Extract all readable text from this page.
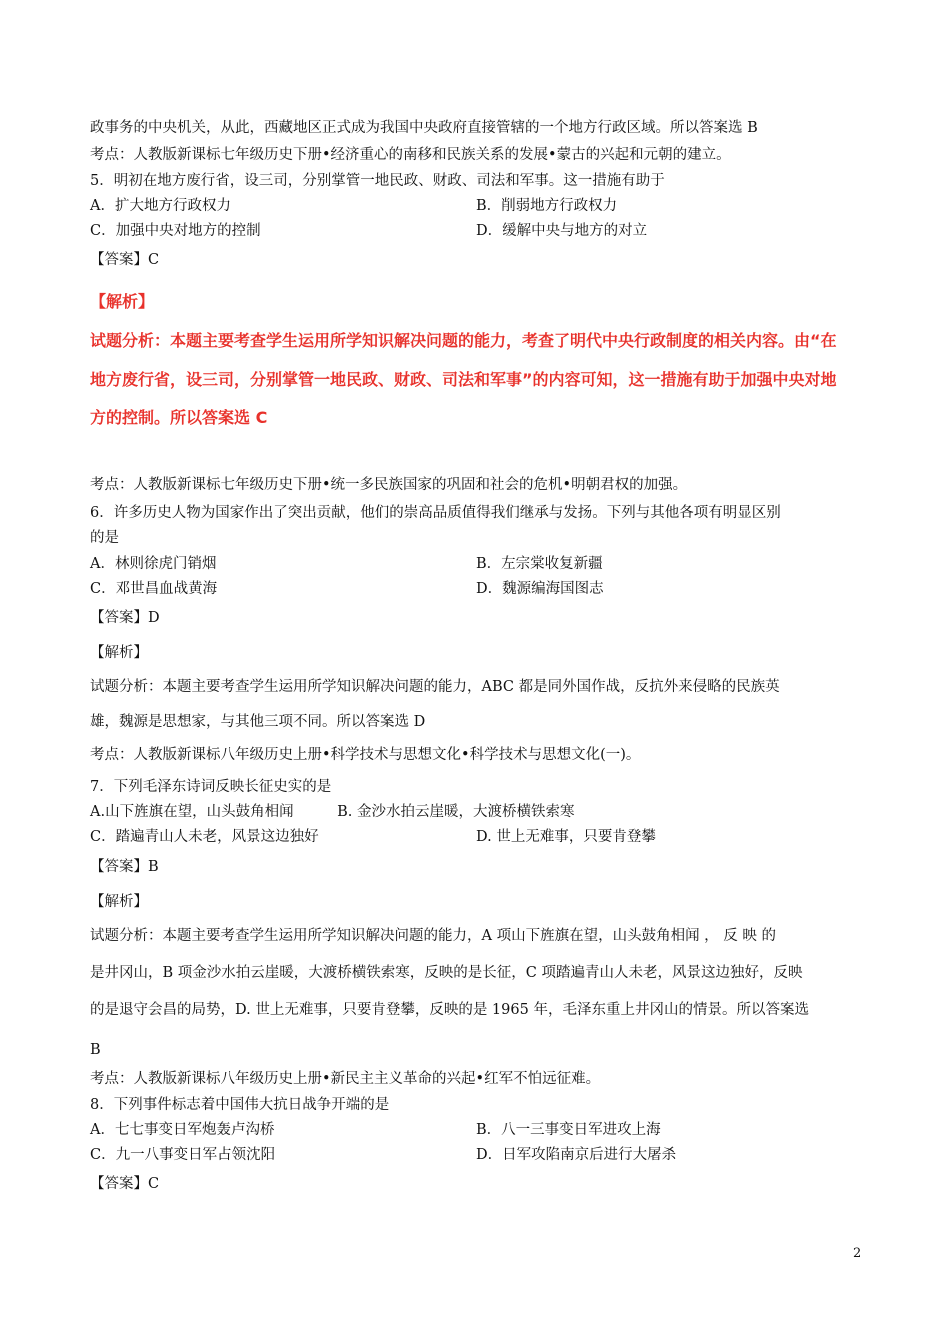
政事务的中央机关，从此，西藏地区正式成为我国中央政府直接管辖的一个地方行政区域。所以答案选 B
考点：人教版新课标七年级历史下册•经济重心的南移和民族关系的发展•蒙古的兴起和元朝的建立。
5．明初在地方废行省，设三司，分别掌管一地民政、财政、司法和军事。这一措施有助于
A．扩大地方行政权力	B．削弱地方行政权力
C．加强中央对地方的控制	D．缓解中央与地方的对立
【答案】C
【解析】
试题分析：本题主要考查学生运用所学知识解决问题的能力，考查了明代中央行政制度的相关内容。由“在
地方废行省，设三司，分别掌管一地民政、财政、司法和军事”的内容可知，这一措施有助于加强中央对地
方的控制。所以答案选 C
考点：人教版新课标七年级历史下册•统一多民族国家的巩固和社会的危机•明朝君权的加强。
6．许多历史人物为国家作出了突出贡献，他们的崇高品质值得我们继承与发扬。下列与其他各项有明显区别
的是
A．林则徐虎门销烟	B．左宗棠收复新疆
C．邓世昌血战黄海	D．魏源编海国图志
【答案】D
【解析】
试题分析：本题主要考查学生运用所学知识解决问题的能力，ABC 都是同外国作战，反抗外来侵略的民族英
雄，魏源是思想家，与其他三项不同。所以答案选 D
考点：人教版新课标八年级历史上册•科学技术与思想文化•科学技术与思想文化(一)。
7．下列毛泽东诗词反映长征史实的是
A.山下旌旗在望，山头鼓角相闻　　　B. 金沙水拍云崖暖，大渡桥横铁索寒
C．踏遍青山人未老，风景这边独好	D. 世上无难事，只要肯登攀
【答案】B
【解析】
试题分析：本题主要考查学生运用所学知识解决问题的能力，A 项山下旌旗在望，山头鼓角相闻 ， 反 映 的
是井冈山，B 项金沙水拍云崖暖，大渡桥横铁索寒，反映的是长征，C 项踏遍青山人未老，风景这边独好，反映
的是退守会昌的局势，D. 世上无难事，只要肯登攀，反映的是 1965 年，毛泽东重上井冈山的情景。所以答案选
B
考点：人教版新课标八年级历史上册•新民主主义革命的兴起•红军不怕远征难。
8．下列事件标志着中国伟大抗日战争开端的是
A．七七事变日军炮轰卢沟桥	B．八一三事变日军进攻上海
C．九一八事变日军占领沈阳	D．日军攻陷南京后进行大屠杀
【答案】C
2
